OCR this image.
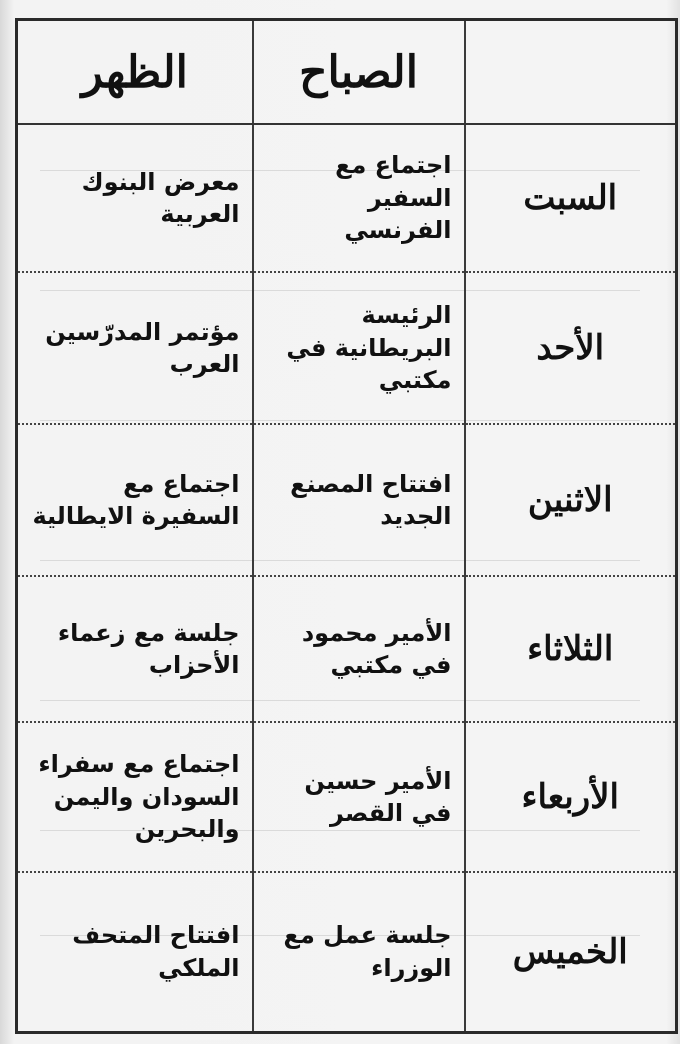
	الصباح	الظهر
السبت	اجتماع مع السفير الفرنسي	معرض البنوك العربية
الأحد	الرئيسة البريطانية في مكتبي	مؤتمر المدرّسين العرب
الاثنين	افتتاح المصنع الجديد	اجتماع مع السفيرة الايطالية
الثلاثاء	الأمير محمود في مكتبي	جلسة مع زعماء الأحزاب
الأربعاء	الأمير حسين في القصر	اجتماع مع سفراء السودان واليمن والبحرين
الخميس	جلسة عمل مع الوزراء	افتتاح المتحف الملكي
